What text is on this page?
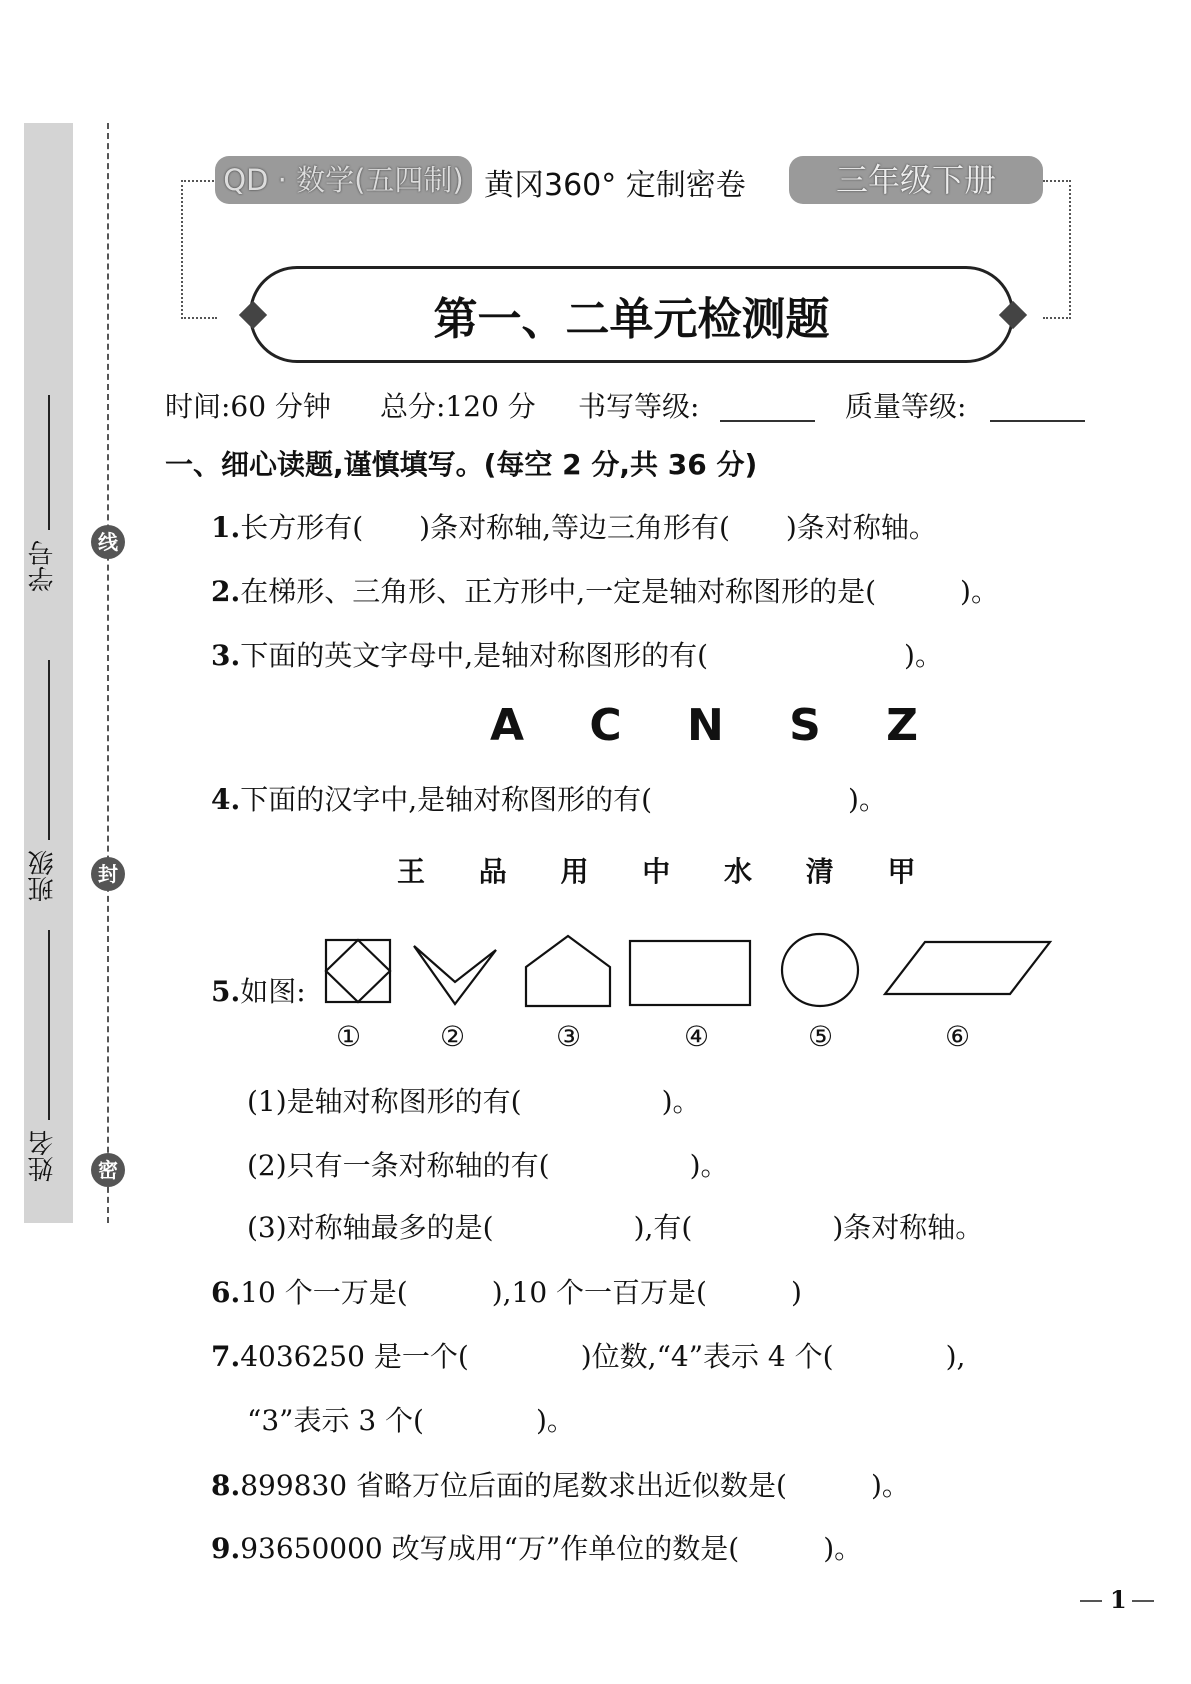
姓名
班级
学号	线
封
密
QD · 数学(五四制) 黄冈360° 定制密卷	三年级下册
第一、二单元检测题
时间:60 分钟 总分:120 分 书写等级:	质量等级:
一、细心读题,谨慎填写。(每空 2 分,共 36 分)
1.长方形有(　　)条对称轴,等边三角形有(　　)条对称轴。
2.在梯形、三角形、正方形中,一定是轴对称图形的是(　　　)。
3.下面的英文字母中,是轴对称图形的有(　　　　　　　)。
A C N S Z
4.下面的汉字中,是轴对称图形的有(　　　　　　　)。
王 品 用 中 水 清 甲
5.如图:
①	②	③	④	⑤	⑥
(1)是轴对称图形的有(　　　　　)。
(2)只有一条对称轴的有(　　　　　)。
(3)对称轴最多的是(　　　　　),有(　　　　　)条对称轴。
6.10 个一万是(　　　),10 个一百万是(　　　)
7.4036250 是一个(　　　　)位数,“4”表示 4 个(　　　　),
“3”表示 3 个(　　　　)。
8.899830 省略万位后面的尾数求出近似数是(　　　)。
9.93650000 改写成用“万”作单位的数是(　　　)。
1
